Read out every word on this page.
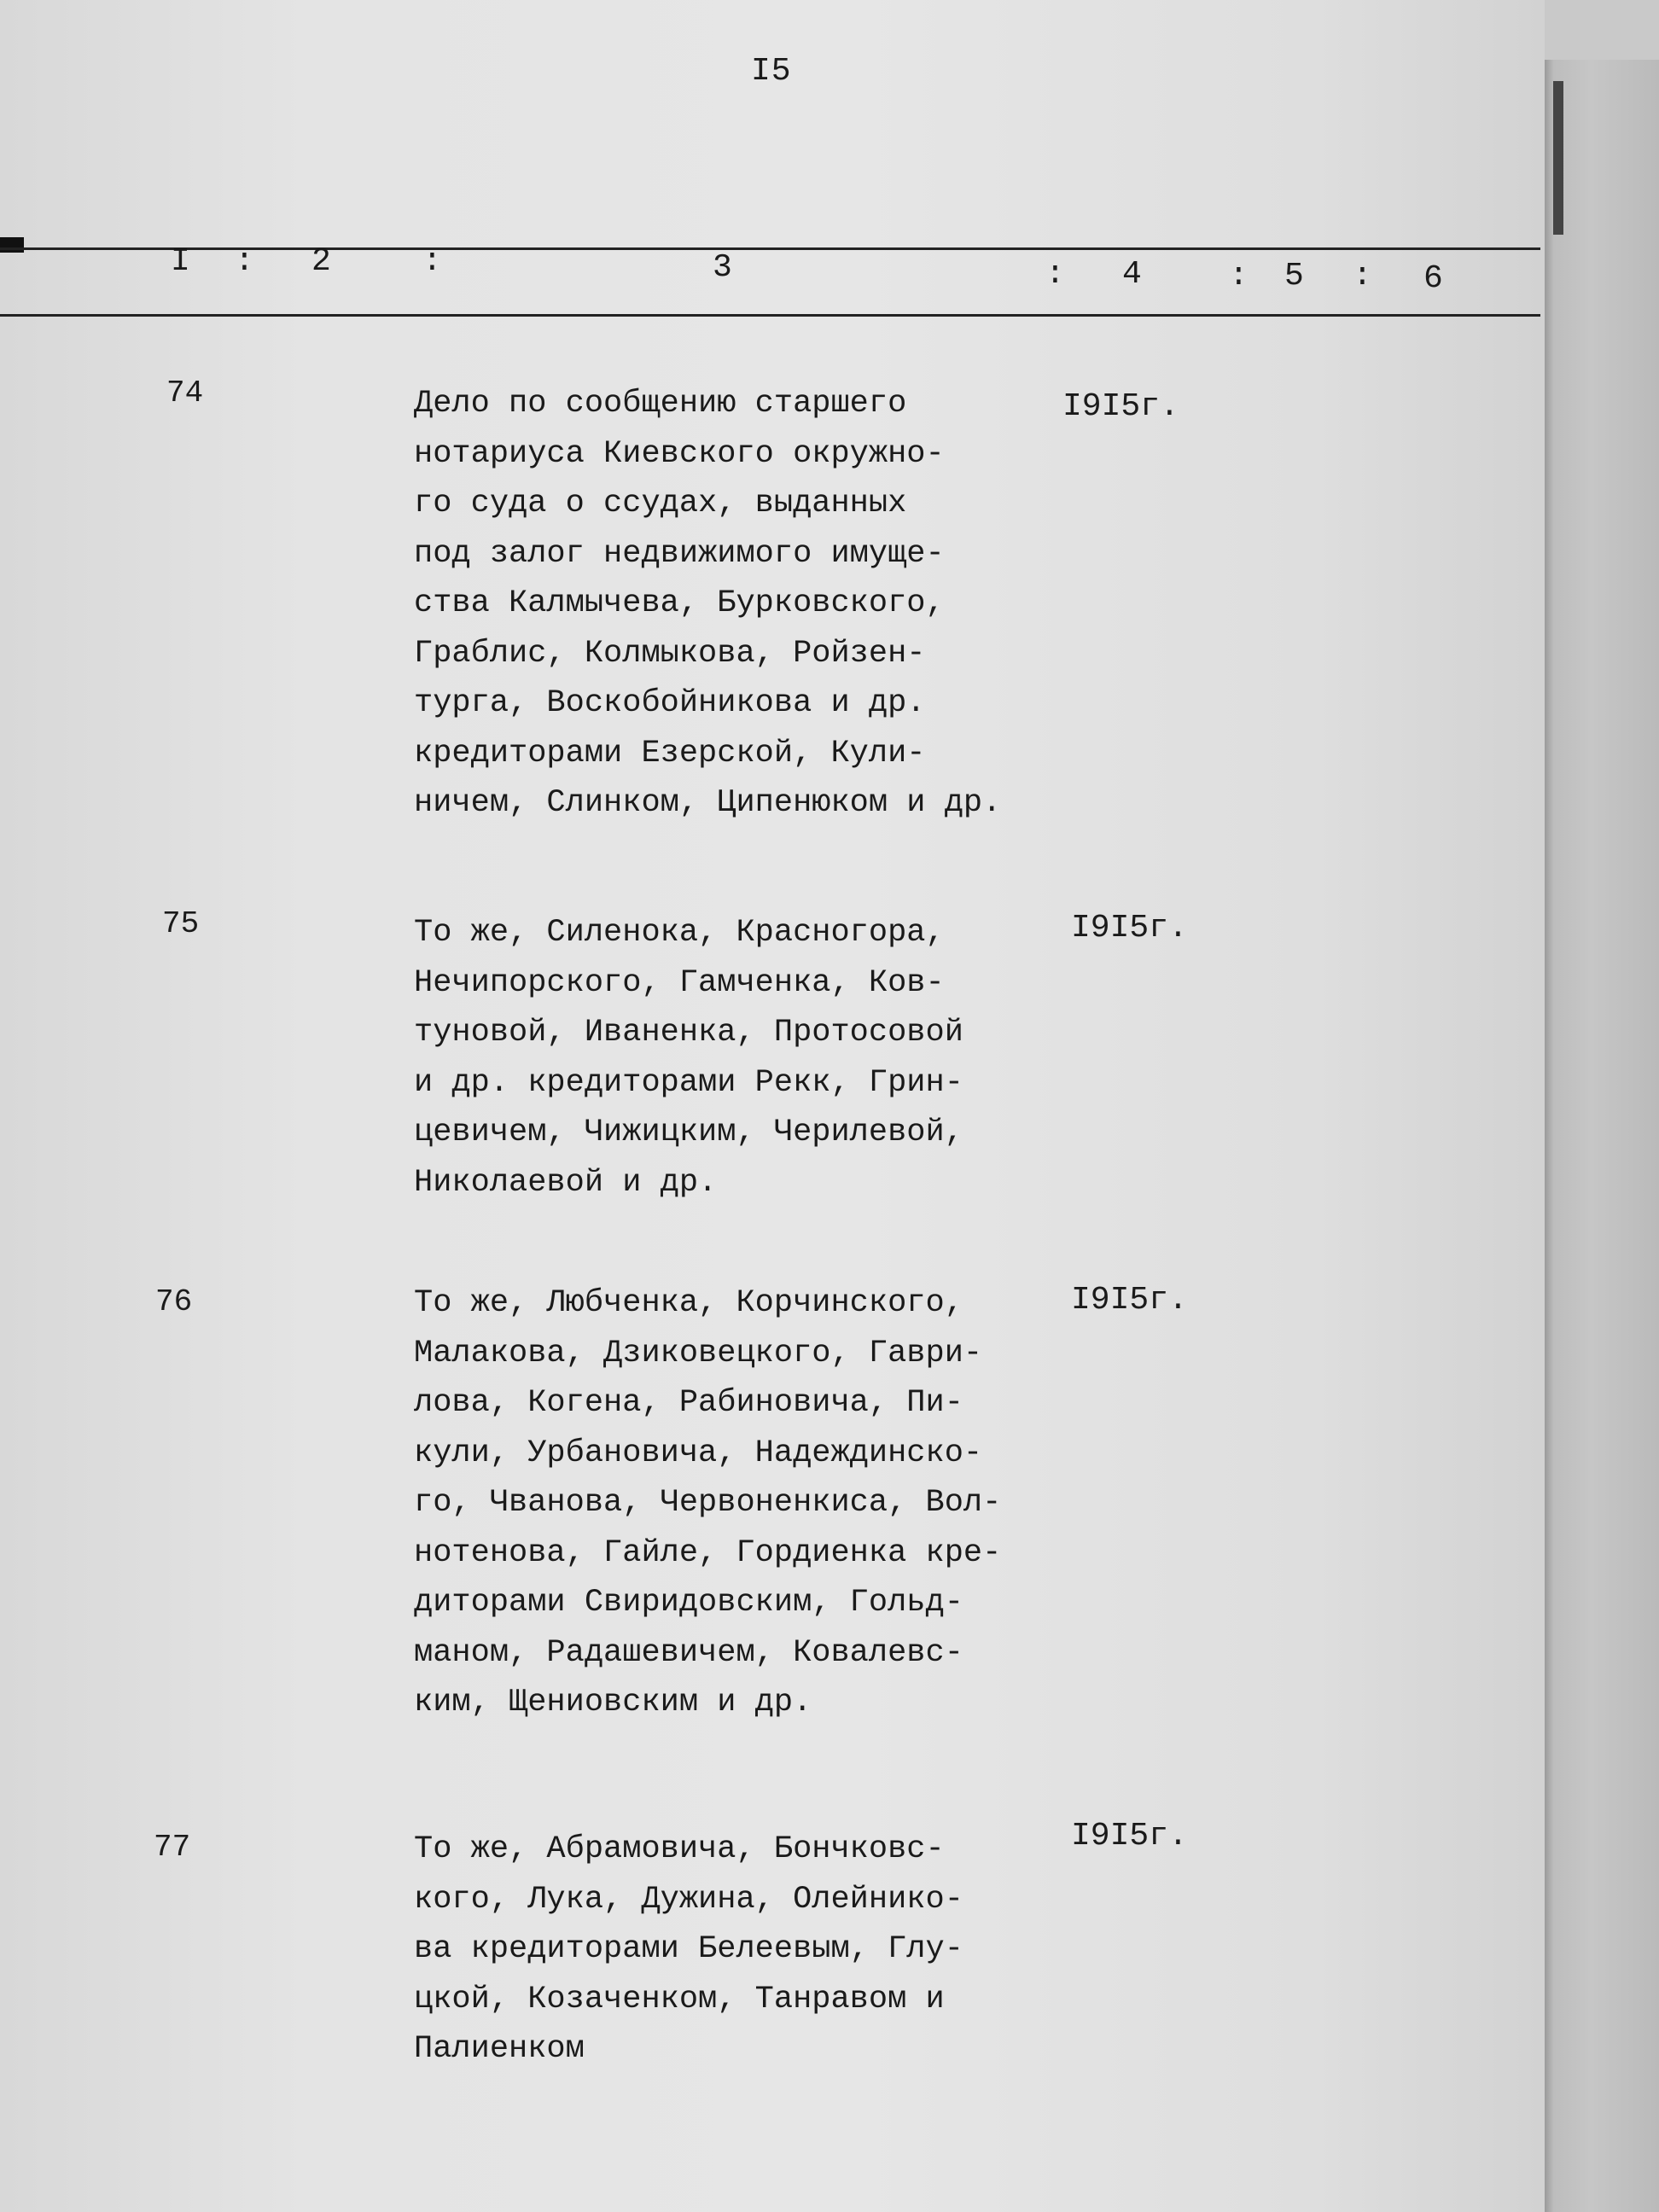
I5
I : 2	:	3	: 4	: 5 : 6
74	Дело по сообщению старшего
нотариуса Киевского окружно-
го суда о ссудах, выданных
под залог недвижимого имуще-
ства Калмычева, Бурковского,
Граблис, Колмыкова, Ройзен-
турга, Воскобойникова и др.
кредиторами Езерской, Кули-
ничем, Слинком, Ципенюком и др.
I9I5г.
75	То же, Силенока, Красногора,
Нечипорского, Гамченка, Ков-
туновой, Иваненка, Протосовой
и др. кредиторами Рекк, Грин-
цевичем, Чижицким, Черилевой,
Николаевой и др.
I9I5г.
76	То же, Любченка, Корчинского,
Малакова, Дзиковецкого, Гаври-
лова, Когена, Рабиновича, Пи-
кули, Урбановича, Надеждинско-
го, Чванова, Червоненкиса, Вол-
нотенова, Гайле, Гордиенка кре-
диторами Свиридовским, Гольд-
маном, Радашевичем, Ковалевс-
ким, Щениовским и др.
I9I5г.
77	То же, Абрамовича, Бончковс-
кого, Лука, Дужина, Олейнико-
ва кредиторами Белеевым, Глу-
цкой, Козаченком, Танравом и
Палиенком
I9I5г.
